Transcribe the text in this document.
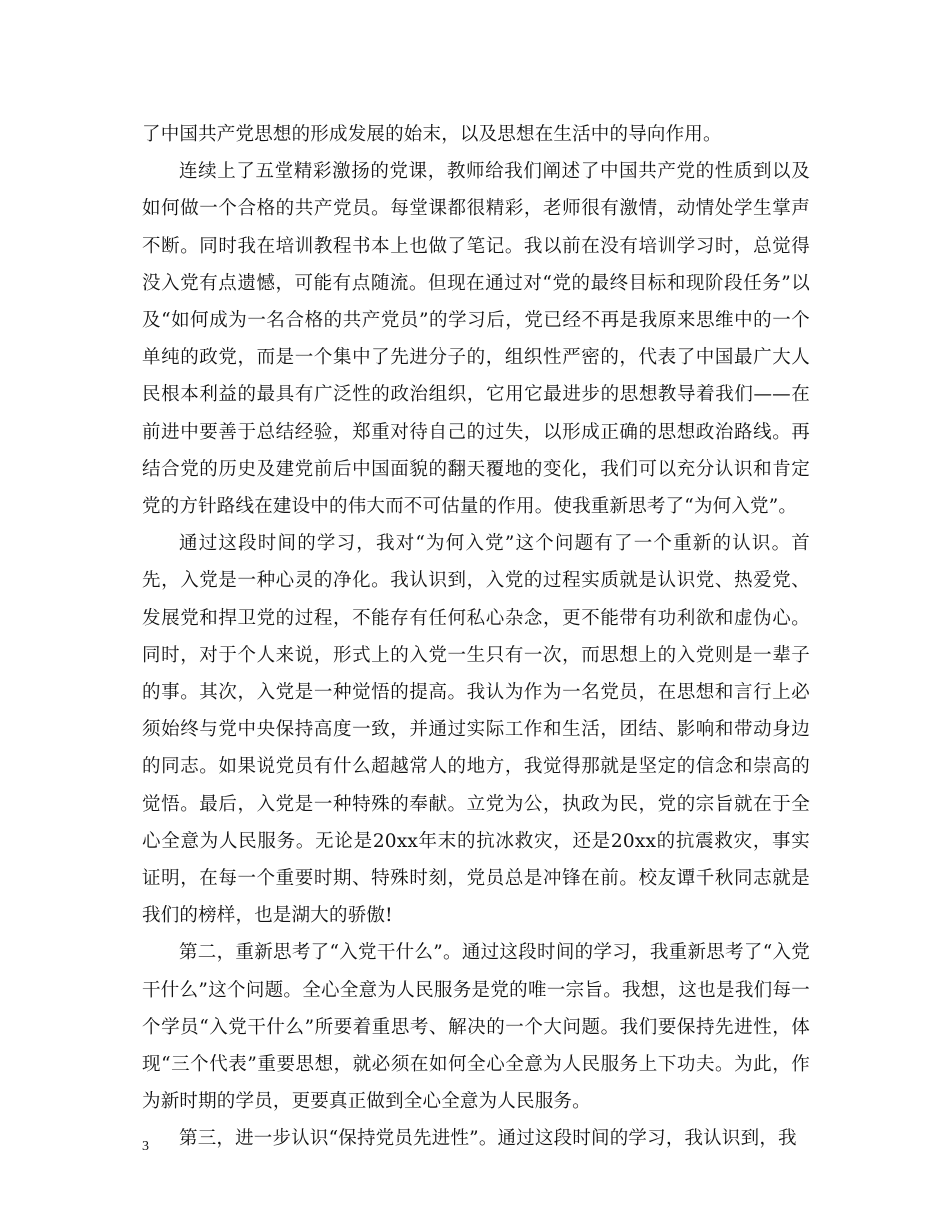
了中国共产党思想的形成发展的始末，以及思想在生活中的导向作用。

连续上了五堂精彩激扬的党课，教师给我们阐述了中国共产党的性质到以及如何做一个合格的共产党员。每堂课都很精彩，老师很有激情，动情处学生掌声不断。同时我在培训教程书本上也做了笔记。我以前在没有培训学习时，总觉得没入党有点遗憾，可能有点随流。但现在通过对“党的最终目标和现阶段任务”以及“如何成为一名合格的共产党员”的学习后，党已经不再是我原来思维中的一个单纯的政党，而是一个集中了先进分子的，组织性严密的，代表了中国最广大人民根本利益的最具有广泛性的政治组织，它用它最进步的思想教导着我们——在前进中要善于总结经验，郑重对待自己的过失，以形成正确的思想政治路线。再结合党的历史及建党前后中国面貌的翻天覆地的变化，我们可以充分认识和肯定党的方针路线在建设中的伟大而不可估量的作用。使我重新思考了“为何入党”。

通过这段时间的学习，我对“为何入党”这个问题有了一个重新的认识。首先，入党是一种心灵的净化。我认识到，入党的过程实质就是认识党、热爱党、发展党和捍卫党的过程，不能存有任何私心杂念，更不能带有功利欲和虚伪心。同时，对于个人来说，形式上的入党一生只有一次，而思想上的入党则是一辈子的事。其次，入党是一种觉悟的提高。我认为作为一名党员，在思想和言行上必须始终与党中央保持高度一致，并通过实际工作和生活，团结、影响和带动身边的同志。如果说党员有什么超越常人的地方，我觉得那就是坚定的信念和崇高的觉悟。最后，入党是一种特殊的奉献。立党为公，执政为民，党的宗旨就在于全心全意为人民服务。无论是20xx年末的抗冰救灾，还是20xx的抗震救灾，事实证明，在每一个重要时期、特殊时刻，党员总是冲锋在前。校友谭千秋同志就是我们的榜样，也是湖大的骄傲!

第二，重新思考了“入党干什么”。通过这段时间的学习，我重新思考了“入党干什么”这个问题。全心全意为人民服务是党的唯一宗旨。我想，这也是我们每一个学员“入党干什么”所要着重思考、解决的一个大问题。我们要保持先进性，体现“三个代表”重要思想，就必须在如何全心全意为人民服务上下功夫。为此，作为新时期的学员，更要真正做到全心全意为人民服务。

第三，进一步认识“保持党员先进性”。通过这段时间的学习，我认识到，我

3
